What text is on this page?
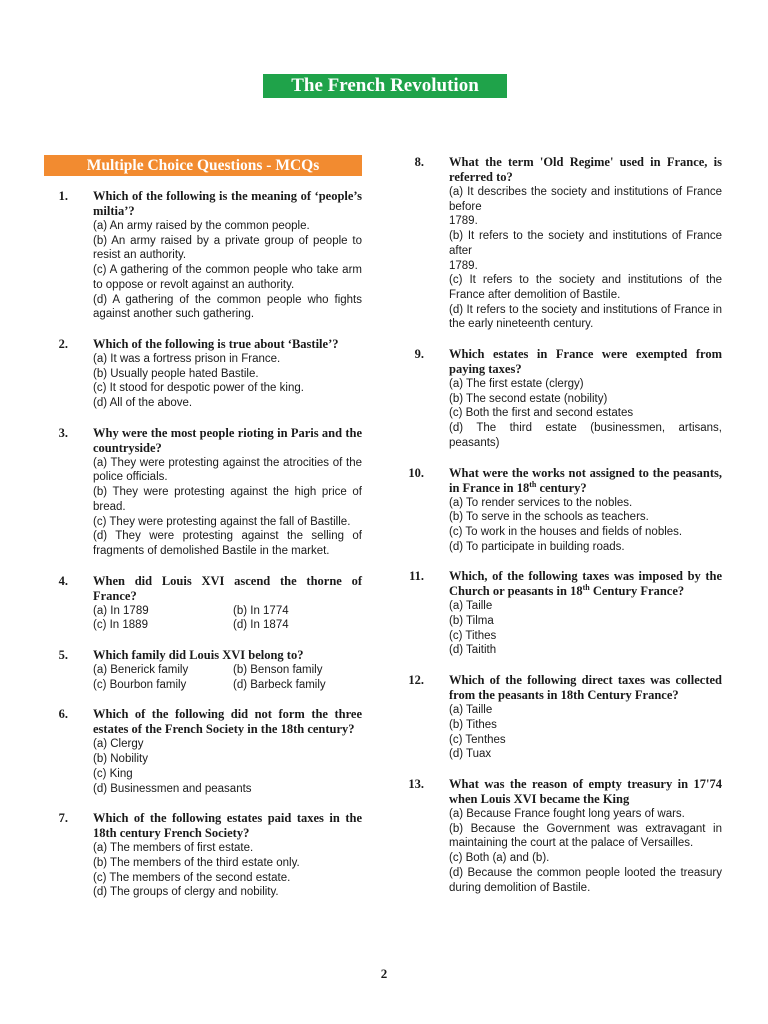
The French Revolution
Multiple Choice Questions - MCQs
1. Which of the following is the meaning of ‘people’s miltia’?
(a) An army raised by the common people.
(b) An army raised by a private group of people to resist an authority.
(c) A gathering of the common people who take arm to oppose or revolt against an authority.
(d) A gathering of the common people who fights against another such gathering.
2. Which of the following is true about ‘Bastile’?
(a) It was a fortress prison in France.
(b) Usually people hated Bastile.
(c) It stood for despotic power of the king.
(d) All of the above.
3. Why were the most people rioting in Paris and the countryside?
(a) They were protesting against the atrocities of the police officials.
(b) They were protesting against the high price of bread.
(c) They were protesting against the fall of Bastille.
(d) They were protesting against the selling of fragments of demolished Bastile in the market.
4. When did Louis XVI ascend the thorne of France?
(a) In 1789	(b) In 1774
(c) In 1889	(d) In 1874
5. Which family did Louis XVI belong to?
(a) Benerick family	(b) Benson family
(c) Bourbon family	(d) Barbeck family
6. Which of the following did not form the three estates of the French Society in the 18th century?
(a) Clergy
(b) Nobility
(c) King
(d) Businessmen and peasants
7. Which of the following estates paid taxes in the 18th century French Society?
(a) The members of first estate.
(b) The members of the third estate only.
(c) The members of the second estate.
(d) The groups of clergy and nobility.
8. What the term 'Old Regime' used in France, is referred to?
(a) It describes the society and institutions of France before
1789.
(b) It refers to the society and institutions of France after
1789.
(c) It refers to the society and institutions of the France after demolition of Bastile.
(d) It refers to the society and institutions of France in the early nineteenth century.
9. Which estates in France were exempted from paying taxes?
(a) The first estate (clergy)
(b) The second estate (nobility)
(c) Both the first and second estates
(d) The third estate (businessmen, artisans, peasants)
10. What were the works not assigned to the peasants, in France in 18th century?
(a) To render services to the nobles.
(b) To serve in the schools as teachers.
(c) To work in the houses and fields of nobles.
(d) To participate in building roads.
11. Which, of the following taxes was imposed by the Church or peasants in 18th Century France?
(a) Taille
(b) Tilma
(c) Tithes
(d) Taitith
12. Which of the following direct taxes was collected from the peasants in 18th Century France?
(a) Taille
(b) Tithes
(c) Tenthes
(d) Tuax
13. What was the reason of empty treasury in 17'74 when Louis XVI became the King
(a) Because France fought long years of wars.
(b) Because the Government was extravagant in maintaining the court at the palace of Versailles.
(c) Both (a) and (b).
(d) Because the common people looted the treasury during demolition of Bastile.
2
